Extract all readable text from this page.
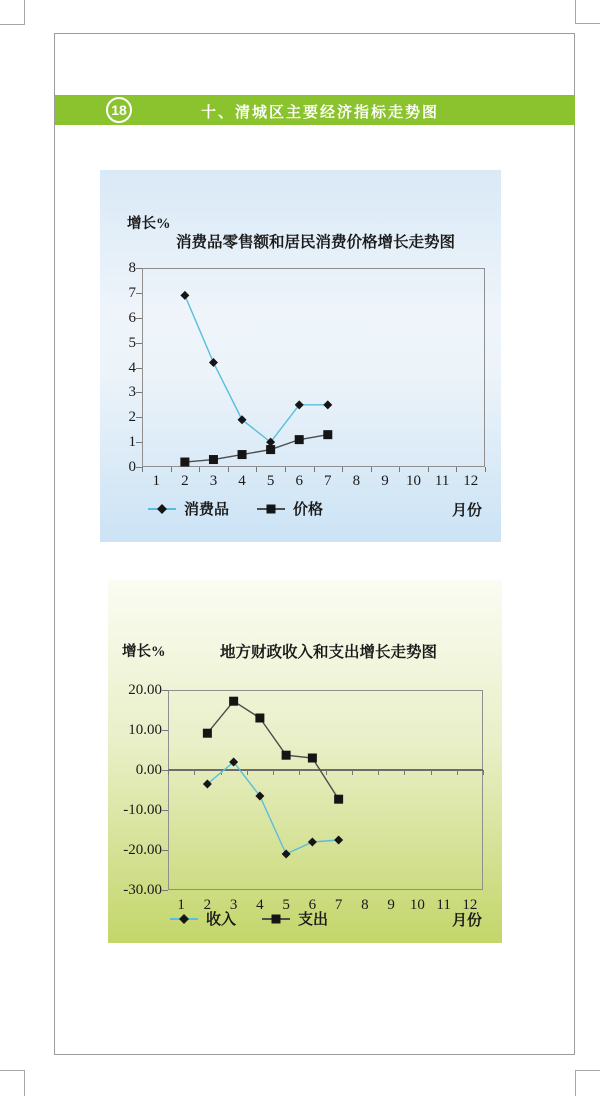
18	十、清城区主要经济指标走势图
增长%
消费品零售额和居民消费价格增长走势图
消费品	价格	月份
8
7
6
5
4
3
2
1
0
1	2	3	4	5	6	7	8	9	10 11 12
增长%	地方财政收入和支出增长走势图
收入	支出	月份
20.00
10.00
0.00
-10.00
-20.00
-30.00
1	2	3	4	5	6	7	8	9	10 11 12
